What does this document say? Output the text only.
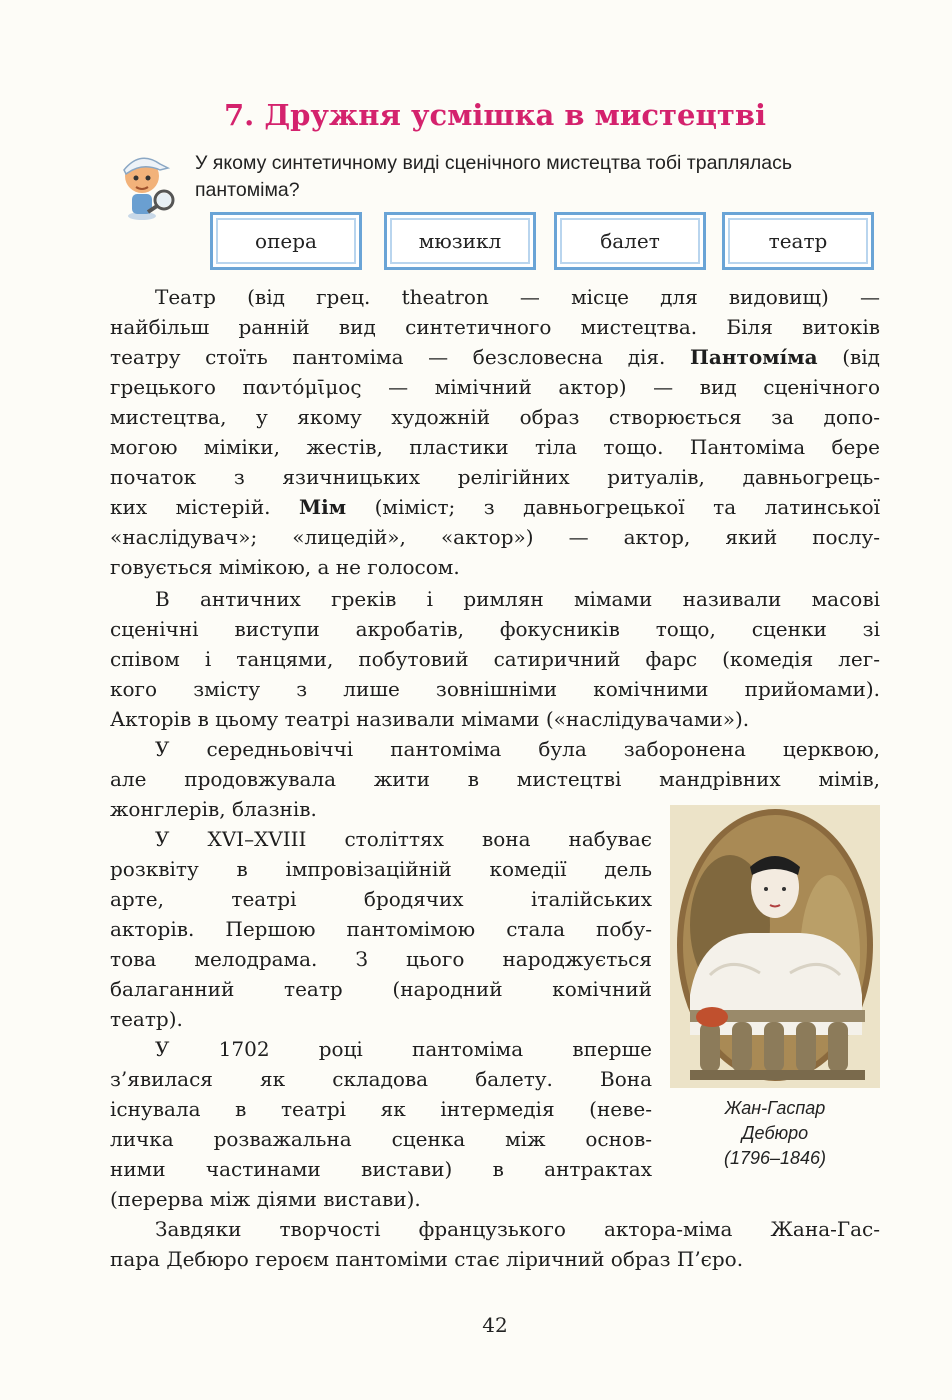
7. Дружня усмішка в мистецтві
У якому синтетичному виді сценічного мистецтва тобі траплялась пантоміма?
опера	мюзикл	балет	театр
Театр (від грец. theatron — місце для видовищ) —
найбільш ранній вид синтетичного мистецтва. Біля витоків
театру стоїть пантоміма — безсловесна дія. Пантомі́ма (від
грецького παντόμῑμος — мімічний актор) — вид сценічного
мистецтва, у якому художній образ створюється за допо-
могою міміки, жестів, пластики тіла тощо. Пантоміма бере
початок з язичницьких релігійних ритуалів, давньогрець-
ких містерій. Мім (міміст; з давньогрецької та латинської
«наслідувач»; «лицедій», «актор») — актор, який послу-
говується мімікою, а не голосом.
В античних греків і римлян мімами називали масові
сценічні виступи акробатів, фокусників тощо, сценки зі
співом і танцями, побутовий сатиричний фарс (комедія лег-
кого змісту з лише зовнішніми комічними прийомами).
Акторів в цьому театрі називали мімами («наслідувачами»).
У середньовіччі пантоміма була заборонена церквою,
але продовжувала жити в мистецтві мандрівних мімів,
жонглерів, блазнів.
У XVI–XVIII століттях вона набуває
розквіту в імпровізаційній комедії дель
арте, театрі бродячих італійських
акторів. Першою пантомімою стала побу-
това мелодрама. З цього народжується
балаганний театр (народний комічний
театр).
У 1702 році пантоміма вперше
з’явилася як складова балету. Вона
існувала в театрі як інтермедія (неве-
личка розважальна сценка між основ-
ними частинами вистави) в антрактах
(перерва між діями вистави).
Завдяки творчості французького актора-міма Жана-Гас-
пара Дебюро героєм пантоміми стає ліричний образ П’єро.
Жан-Гаспар
Дебюро
(1796–1846)
42
